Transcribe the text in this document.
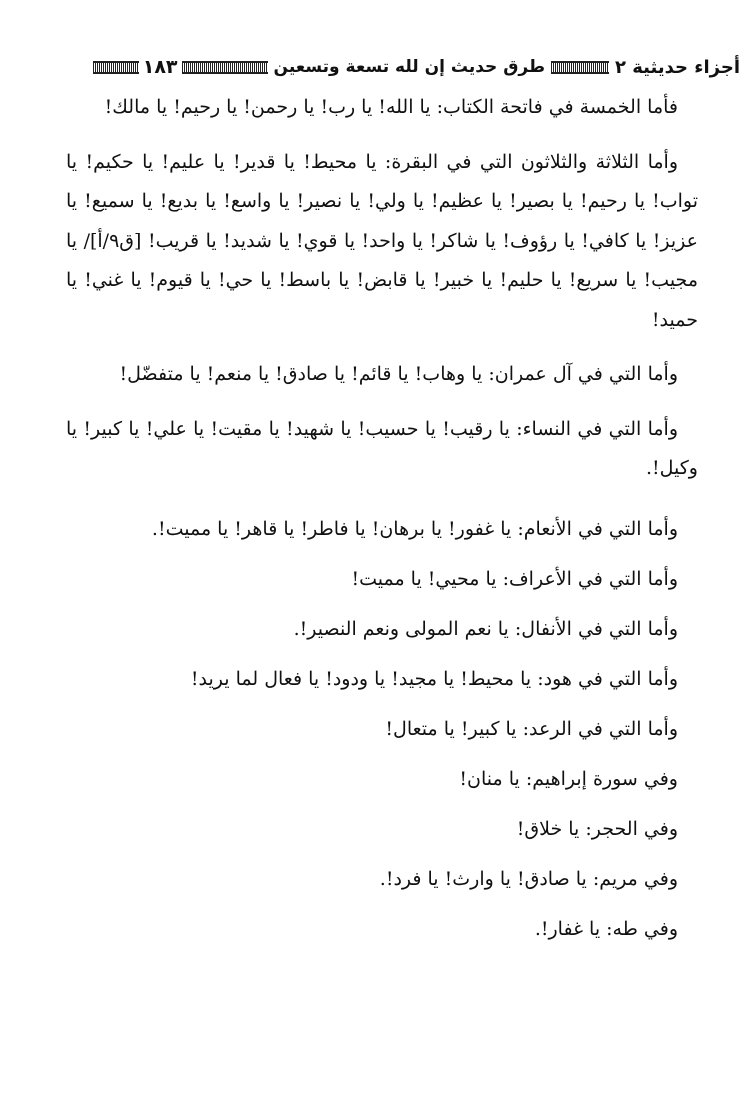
أجزاء حديثية ٢
طرق حديث إن لله تسعة وتسعين
١٨٣

فأما الخمسة في فاتحة الكتاب: يا الله! يا رب! يا رحمن! يا رحيم! يا مالك!

وأما الثلاثة والثلاثون التي في البقرة: يا محيط! يا قدير! يا عليم! يا حكيم! يا تواب! يا رحيم! يا بصير! يا عظيم! يا ولي! يا نصير! يا واسع! يا بديع! يا سميع! يا عزيز! يا كافي! يا رؤوف! يا شاكر! يا واحد! يا قوي! يا شديد! يا قريب! [ق٩/أ]/ يا مجيب! يا سريع! يا حليم! يا خبير! يا قابض! يا باسط! يا حي! يا قيوم! يا غني! يا حميد!

وأما التي في آل عمران: يا وهاب! يا قائم! يا صادق! يا منعم! يا متفضّل!

وأما التي في النساء: يا رقيب! يا حسيب! يا شهيد! يا مقيت! يا علي! يا كبير! يا وكيل!.

وأما التي في الأنعام: يا غفور! يا برهان! يا فاطر! يا قاهر! يا مميت!.

وأما التي في الأعراف: يا محيي! يا مميت!

وأما التي في الأنفال: يا نعم المولى ونعم النصير!.

وأما التي في هود: يا محيط! يا مجيد! يا ودود! يا فعال لما يريد!

وأما التي في الرعد: يا كبير! يا متعال!

وفي سورة إبراهيم: يا منان!

وفي الحجر: يا خلاق!

وفي مريم: يا صادق! يا وارث! يا فرد!.

وفي طه: يا غفار!.
